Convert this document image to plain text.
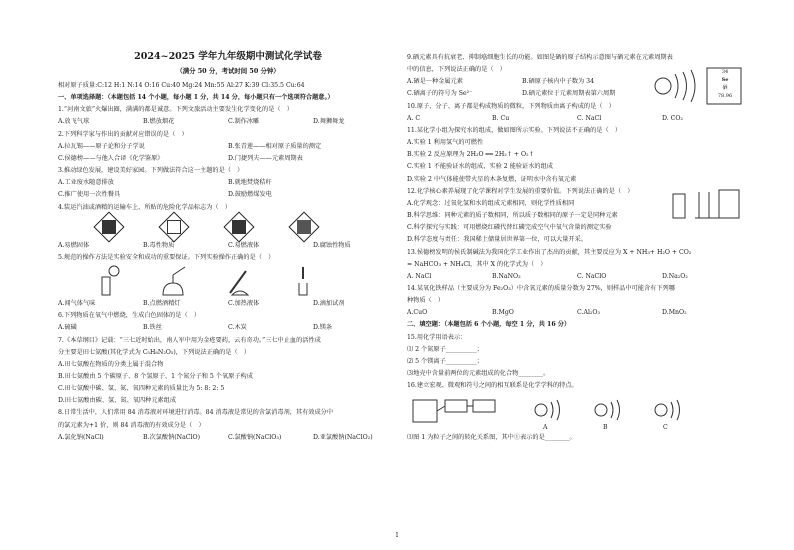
2024~2025 学年九年级期中测试化学试卷
（满分 50 分，考试时间 50 分钟）
相对原子质量:C:12 H:1 N:14 O:16 Cu:40 Mg:24 Mn:55 Al:27 K:39 Cl:35.5 Cu:64
一、单项选择题：（本题包括 14 个小题，每小题 1 分，共 14 分，每小题只有一个选项符合题意。）
1.“河南文旅”火爆出圈，满满的都是诚意。下列文旅活动主要发生化学变化的是（　）
A.放飞气球	B.燃放烟花	C.制作冰雕	D.舞狮舞龙
2.下列科学家与作出的贡献对应错误的是（　）
A.拉瓦锡——原子论和分子学说	B.张青莲——相对原子质量的测定
C.侯德榜——与他人合译《化学鉴原》	D.门捷列夫——元素周期表
3.推动绿色发展，建设美好家园。下列做法符合这一主题的是（　）
A.工业废水随意排放	B.就地焚烧秸秆
C.推广使用一次性餐具	D.鼓励燃煤发电
4.装运汽油或酒精的运输车上，所贴的危险化学品标志为（　）
A.易燃固体	B.毒性物质	C.易燃液体	D.腐蚀性物质
5.规范的操作方法是实验安全和成功的重要保证。下列实验操作正确的是（　）
A.闻气体气味	B.点燃酒精灯	C.加热液体	D.滴加试剂
6.下列物质在氧气中燃烧，生成白色固体的是（　）
A.硫磺	B.铁丝	C.木炭	D.镁条
7.《本草纲目》记载：“三七近时始出，南人军中用为金疮要药，云有奇功。”三七中止血的活性成
分主要是田七氨酸(其化学式为 C₅H₈N₂O₅)，下列说法正确的是（　）
A.田七氨酸在物质的分类上属于混合物
B.田七氨酸由 5 个碳原子、8 个氢原子、1 个氮分子和 5 个氧原子构成
C.田七氨酸中碳、氢、氮、氧四种元素的质量比为 5: 8: 2: 5
D.田七氨酸由碳、氢、氮、氧四种元素组成
8.日常生活中，人们常用 84 消毒液对环境进行消毒。84 消毒液是常见的含氯消毒剂，其有效成分中
的氯元素为+1 价，则 84 消毒液的有效成分是（　）
A.氯化钠(NaCl)	B.次氯酸钠(NaClO)	C.氯酸钠(NaClO₃)	D.亚氯酸钠(NaClO₂)
9.硒元素具有抗衰老、抑制癌细胞生长的功能。如图是硒的原子结构示意图与硒元素在元素周期表
中的信息，下列说法正确的是（　）
A.硒是一种金属元素	B.硒原子核内中子数为 34
C.硒离子的符号为 Se²⁻	D.硒元素位于元素周期表第六周期
34
Se
硒
78.96
10.原子、分子、离子都是构成物质的微粒，下列物质由离子构成的是（　）
A. C	B. Cu	C. NaCl	D. CO₂
11.某化学小组为探究水的组成，做如图所示实验。下列说法不正确的是（　）
A.实验 1 利用氢气的可燃性
B.实验 2 反应原理为 2H₂O ══ 2H₂↑ + O₂↑
C.实验 1 不能验证水的组成，实验 2 能验证水的组成
D.实验 2 中气体能使带火星的木条复燃，证明水中含有氧元素
12.化学核心素养展现了化学课程对学生发展的重要价值。下列说法正确的是（　）
A.化学观念：过氧化氢和水的组成元素相同，则化学性质相同
B.科学思维：同种元素的质子数相同，所以质子数相同的原子一定是同种元素
C.科学探究与实践：可用燃烧红磷代替红磷完成空气中氧气含量的测定实验
D.科学态度与责任：我国稀土储量居世界第一位，可以大量开采。
13.侯德榜发明的侯氏制碱法为我国化学工业作出了杰出的贡献，其主要反应为 X + NH₃+ H₂O + CO₂
= NaHCO₃ + NH₄Cl，其中 X 的化学式为（　）
A. NaCl	B.NaNO₃	C. NaClO	D.Na₂O₂
14.某氧化铁样品（主要成分为 Fe₂O₃）中含氧元素的质量分数为 27%，则样品中可能含有下列哪
种物质（　）
A.CuO	B.MgO	C.Al₂O₃	D.MnO₂
二、填空题：（本题包括 6 个小题，每空 1 分，共 16 分）
15.用化学用语表示：
⑴ 2 个氮原子__________；
⑵ 5 个镁离子__________；
⑶地壳中含量前两位的元素组成的化合物________。
16.建立宏观、微观和符号之间的相互联系是化学学科的特点。
A	B	C
⑴图 1 为粒子之间的转化关系图，其中①表示的是________。
1
